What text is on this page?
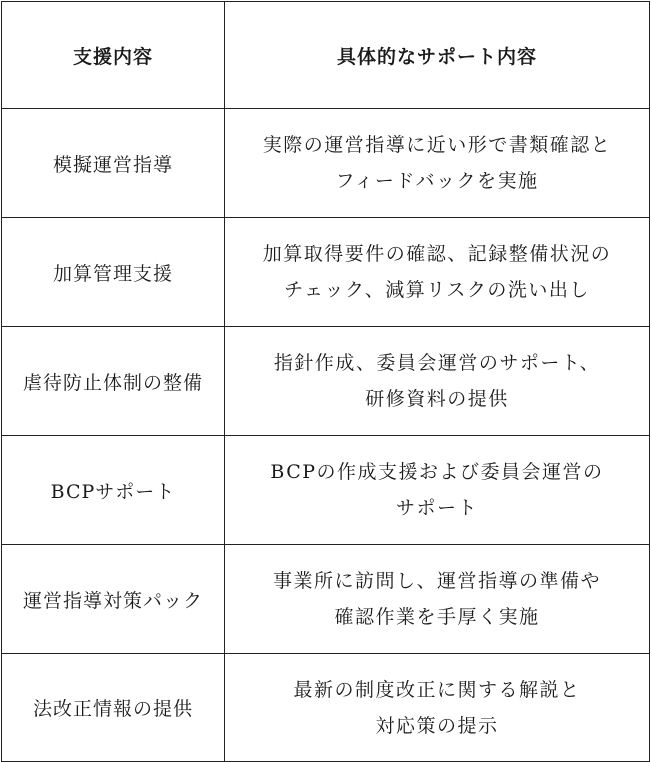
支援内容	具体的なサポート内容
模擬運営指導	実際の運営指導に近い形で書類確認と
フィードバックを実施

加算管理支援	加算取得要件の確認、記録整備状況の
チェック、減算リスクの洗い出し

虐待防止体制の整備	指針作成、委員会運営のサポート、
研修資料の提供

BCPサポート	BCPの作成支援および委員会運営の
サポート

運営指導対策パック	事業所に訪問し、運営指導の準備や
確認作業を手厚く実施

法改正情報の提供	最新の制度改正に関する解説と
対応策の提示
